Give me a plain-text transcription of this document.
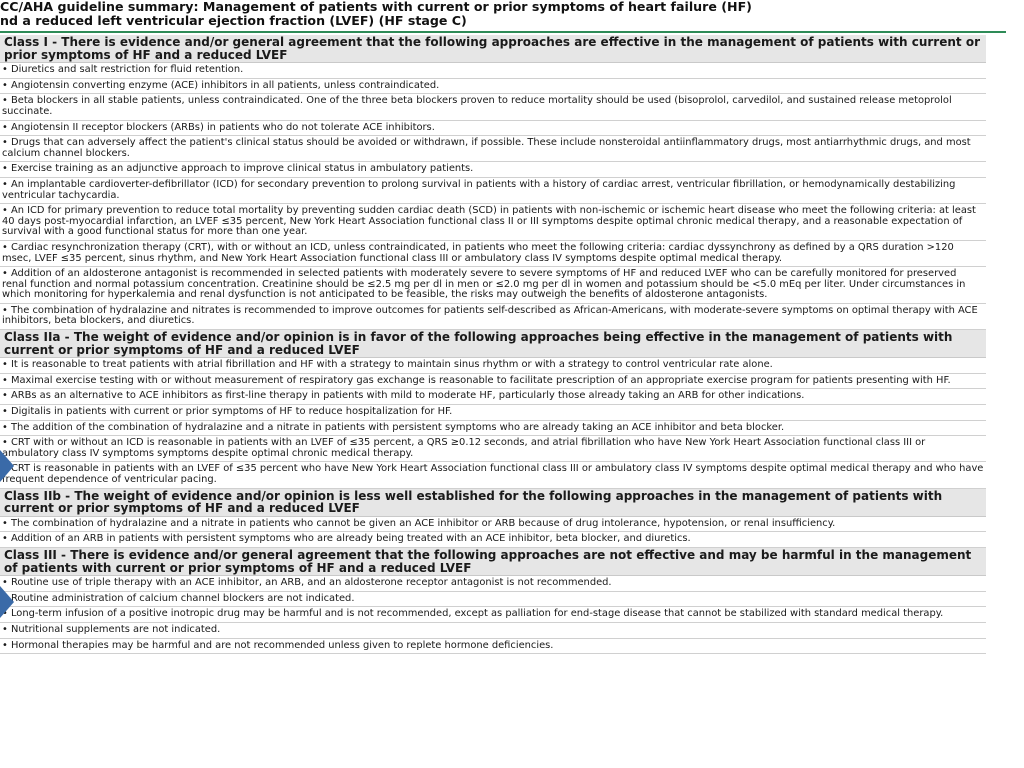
CC/AHA guideline summary: Management of patients with current or prior symptoms of heart failure (HF)
nd a reduced left ventricular ejection fraction (LVEF) (HF stage C)
Class I - There is evidence and/or general agreement that the following approaches are effective in the management of patients with current or prior symptoms of HF and a reduced LVEF
• Diuretics and salt restriction for fluid retention.
• Angiotensin converting enzyme (ACE) inhibitors in all patients, unless contraindicated.
• Beta blockers in all stable patients, unless contraindicated. One of the three beta blockers proven to reduce mortality should be used (bisoprolol, carvedilol, and sustained release metoprolol succinate.
• Angiotensin II receptor blockers (ARBs) in patients who do not tolerate ACE inhibitors.
• Drugs that can adversely affect the patient's clinical status should be avoided or withdrawn, if possible. These include nonsteroidal antiinflammatory drugs, most antiarrhythmic drugs, and most calcium channel blockers.
• Exercise training as an adjunctive approach to improve clinical status in ambulatory patients.
• An implantable cardioverter-defibrillator (ICD) for secondary prevention to prolong survival in patients with a history of cardiac arrest, ventricular fibrillation, or hemodynamically destabilizing ventricular tachycardia.
• An ICD for primary prevention to reduce total mortality by preventing sudden cardiac death (SCD) in patients with non-ischemic or ischemic heart disease who meet the following criteria: at least 40 days post-myocardial infarction, an LVEF ≤35 percent, New York Heart Association functional class II or III symptoms despite optimal chronic medical therapy, and a reasonable expectation of survival with a good functional status for more than one year.
• Cardiac resynchronization therapy (CRT), with or without an ICD, unless contraindicated, in patients who meet the following criteria: cardiac dyssynchrony as defined by a QRS duration >120 msec, LVEF ≤35 percent, sinus rhythm, and New York Heart Association functional class III or ambulatory class IV symptoms despite optimal medical therapy.
• Addition of an aldosterone antagonist is recommended in selected patients with moderately severe to severe symptoms of HF and reduced LVEF who can be carefully monitored for preserved renal function and normal potassium concentration. Creatinine should be ≤2.5 mg per dl in men or ≤2.0 mg per dl in women and potassium should be <5.0 mEq per liter. Under circumstances in which monitoring for hyperkalemia and renal dysfunction is not anticipated to be feasible, the risks may outweigh the benefits of aldosterone antagonists.
• The combination of hydralazine and nitrates is recommended to improve outcomes for patients self-described as African-Americans, with moderate-severe symptoms on optimal therapy with ACE inhibitors, beta blockers, and diuretics.
Class IIa - The weight of evidence and/or opinion is in favor of the following approaches being effective in the management of patients with current or prior symptoms of HF and a reduced LVEF
• It is reasonable to treat patients with atrial fibrillation and HF with a strategy to maintain sinus rhythm or with a strategy to control ventricular rate alone.
• Maximal exercise testing with or without measurement of respiratory gas exchange is reasonable to facilitate prescription of an appropriate exercise program for patients presenting with HF.
• ARBs as an alternative to ACE inhibitors as first-line therapy in patients with mild to moderate HF, particularly those already taking an ARB for other indications.
• Digitalis in patients with current or prior symptoms of HF to reduce hospitalization for HF.
• The addition of the combination of hydralazine and a nitrate in patients with persistent symptoms who are already taking an ACE inhibitor and beta blocker.
• CRT with or without an ICD is reasonable in patients with an LVEF of ≤35 percent, a QRS ≥0.12 seconds, and atrial fibrillation who have New York Heart Association functional class III or ambulatory class IV symptoms symptoms despite optimal chronic medical therapy.
• CRT is reasonable in patients with an LVEF of ≤35 percent who have New York Heart Association functional class III or ambulatory class IV symptoms despite optimal medical therapy and who have frequent dependence of ventricular pacing.
Class IIb - The weight of evidence and/or opinion is less well established for the following approaches in the management of patients with current or prior symptoms of HF and a reduced LVEF
• The combination of hydralazine and a nitrate in patients who cannot be given an ACE inhibitor or ARB because of drug intolerance, hypotension, or renal insufficiency.
• Addition of an ARB in patients with persistent symptoms who are already being treated with an ACE inhibitor, beta blocker, and diuretics.
Class III - There is evidence and/or general agreement that the following approaches are not effective and may be harmful in the management of patients with current or prior symptoms of HF and a reduced LVEF
• Routine use of triple therapy with an ACE inhibitor, an ARB, and an aldosterone receptor antagonist is not recommended.
• Routine administration of calcium channel blockers are not indicated.
• Long-term infusion of a positive inotropic drug may be harmful and is not recommended, except as palliation for end-stage disease that cannot be stabilized with standard medical therapy.
• Nutritional supplements are not indicated.
• Hormonal therapies may be harmful and are not recommended unless given to replete hormone deficiencies.
